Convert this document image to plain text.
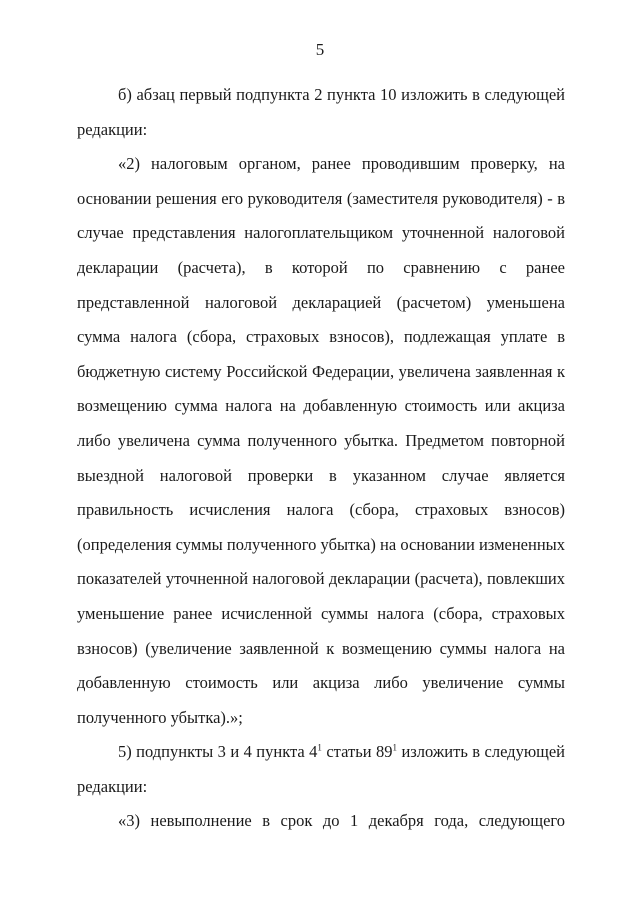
5

б) абзац первый подпункта 2 пункта 10 изложить в следующей редакции:

«2) налоговым органом, ранее проводившим проверку, на основании решения его руководителя (заместителя руководителя) - в случае представления налогоплательщиком уточненной налоговой декларации (расчета), в которой по сравнению с ранее представленной налоговой декларацией (расчетом) уменьшена сумма налога (сбора, страховых взносов), подлежащая уплате в бюджетную систему Российской Федерации, увеличена заявленная к возмещению сумма налога на добавленную стоимость или акциза либо увеличена сумма полученного убытка. Предметом повторной выездной налоговой проверки в указанном случае является правильность исчисления налога (сбора, страховых взносов) (определения суммы полученного убытка) на основании измененных показателей уточненной налоговой декларации (расчета), повлекших уменьшение ранее исчисленной суммы налога (сбора, страховых взносов) (увеличение заявленной к возмещению суммы налога на добавленную стоимость или акциза либо увеличение суммы полученного убытка).»;

5) подпункты 3 и 4 пункта $4^1$ статьи $89^1$ изложить в следующей редакции:

«3) невыполнение в срок до 1 декабря года, следующего
